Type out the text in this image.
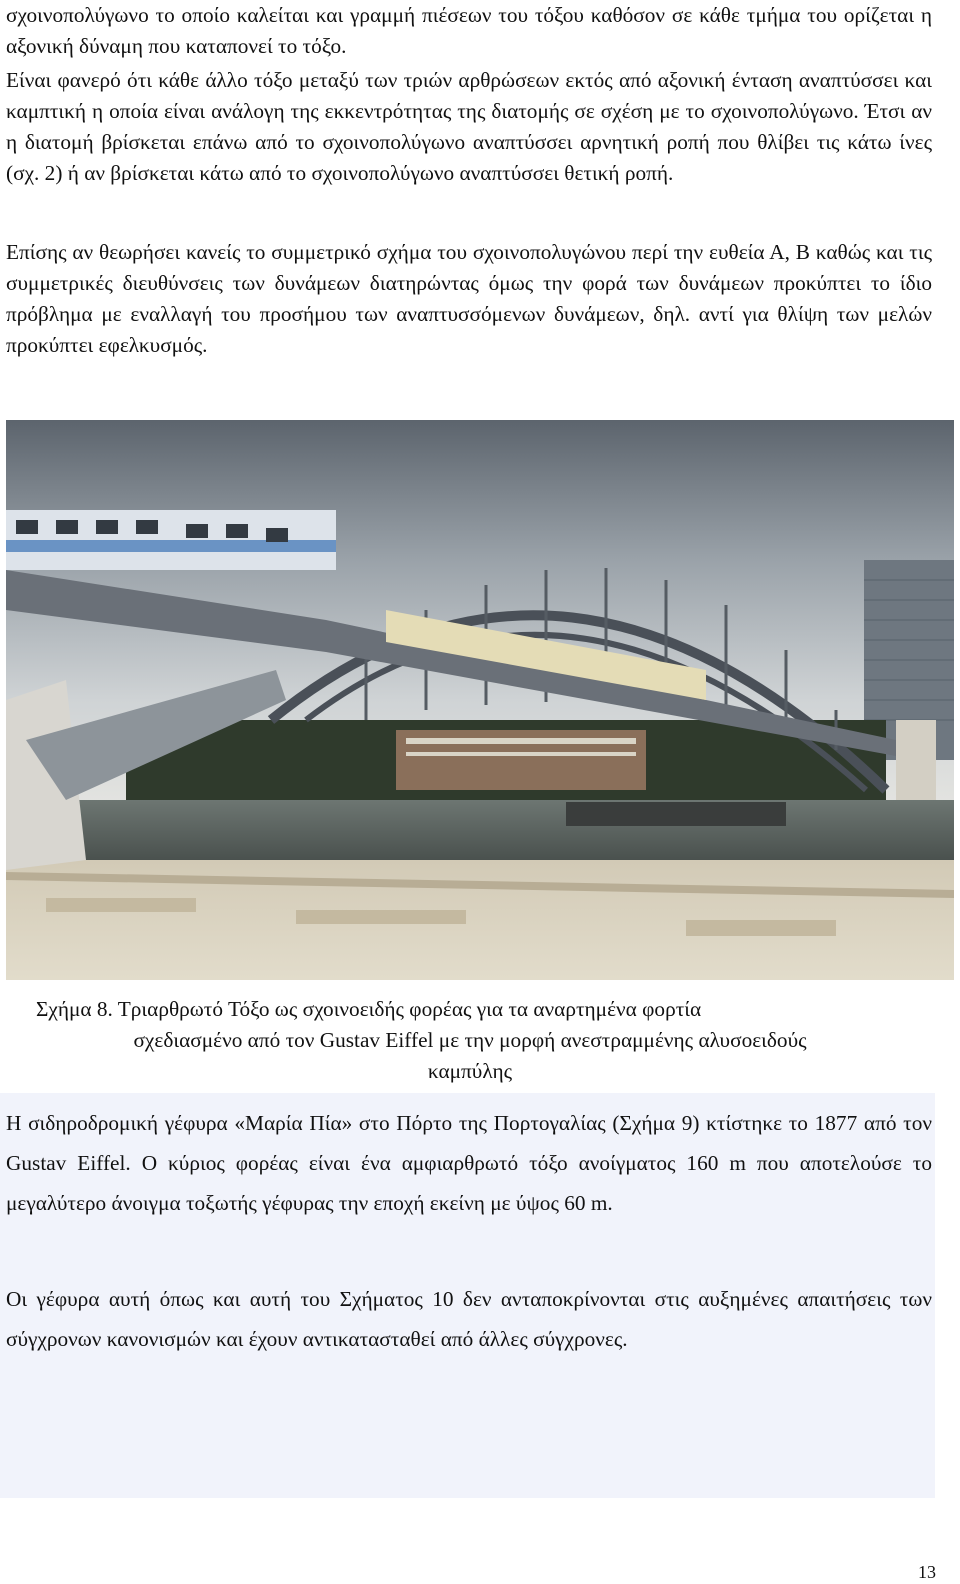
σχοινοπολύγωνο το οποίο καλείται και γραμμή πιέσεων του τόξου καθόσον σε κάθε τμήμα του ορίζεται η αξονική δύναμη που καταπονεί το τόξο.

Είναι φανερό ότι κάθε άλλο τόξο μεταξύ των τριών αρθρώσεων εκτός από αξονική ένταση αναπτύσσει και καμπτική η οποία είναι ανάλογη της εκκεντρότητας της διατομής σε σχέση με το σχοινοπολύγωνο. Έτσι αν η διατομή βρίσκεται επάνω από το σχοινοπολύγωνο αναπτύσσει αρνητική ροπή που θλίβει τις κάτω ίνες (σχ. 2) ή αν βρίσκεται κάτω από το σχοινοπολύγωνο αναπτύσσει θετική ροπή.

Επίσης αν θεωρήσει κανείς το συμμετρικό σχήμα του σχοινοπολυγώνου περί την ευθεία Α, Β καθώς και τις συμμετρικές διευθύνσεις των δυνάμεων διατηρώντας όμως την φορά των δυνάμεων προκύπτει το ίδιο πρόβλημα με εναλλαγή του προσήμου των αναπτυσσόμενων δυνάμεων, δηλ. αντί για θλίψη των μελών προκύπτει εφελκυσμός.

Σχήμα 8. Τριαρθρωτό Τόξο ως σχοινοειδής φορέας για τα αναρτημένα φορτία
σχεδιασμένο από τον Gustav Eiffel με την μορφή ανεστραμμένης αλυσοειδούς
καμπύλης

Η σιδηροδρομική γέφυρα «Μαρία Πία» στο Πόρτο της Πορτογαλίας (Σχήμα 9) κτίστηκε το 1877 από τον Gustav Eiffel. Ο κύριος φορέας είναι ένα αμφιαρθρωτό τόξο ανοίγματος 160 m που αποτελούσε το μεγαλύτερο άνοιγμα τοξωτής γέφυρας την εποχή εκείνη με ύψος 60 m.

Οι γέφυρα αυτή όπως και αυτή του Σχήματος 10 δεν ανταποκρίνονται στις αυξημένες απαιτήσεις των σύγχρονων κανονισμών και έχουν αντικατασταθεί από άλλες σύγχρονες.

13
